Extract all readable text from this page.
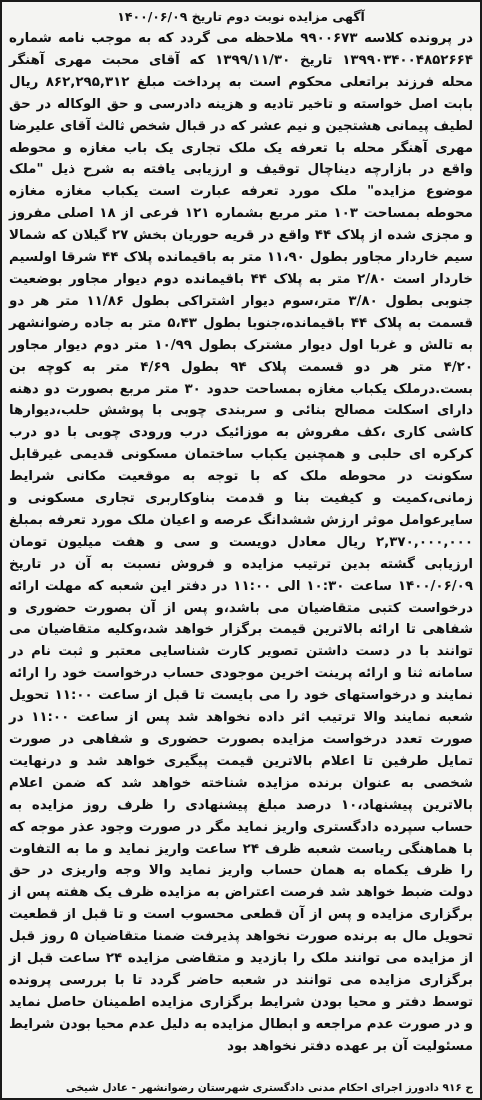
آگهی مزایده نوبت دوم تاریخ ۱۴۰۰/۰۶/۰۹

در پرونده کلاسه ۹۹۰۰۶۷۳ ملاحظه می گردد که به موجب نامه شماره ۱۳۹۹۰۳۴۰۰۴۸۵۲۶۶۴ تاریخ ۱۳۹۹/۱۱/۳۰ که آقای محبت مهری آهنگر محله فرزند براتعلی محکوم است به پرداخت مبلغ ۸۶۲,۲۹۵,۳۱۲ ریال بابت اصل خواسته و تاخیر تادیه و هزینه دادرسی و حق الوکاله در حق لطیف پیمانی هشتجین و نیم عشر که در قبال شخص ثالث آقای علیرضا مهری آهنگر محله با تعرفه یک ملک تجاری یک باب مغازه و محوطه واقع در بازارچه دیناچال توقیف و ارزیابی یافته به شرح ذیل "ملک موضوع مزایده" ملک مورد تعرفه عبارت است یکباب مغازه مغازه محوطه بمساحت ۱۰۳ متر مربع بشماره ۱۲۱ فرعی از ۱۸ اصلی مفروز و مجزی شده از پلاک ۴۴ واقع در قریه حوریان بخش ۲۷ گیلان که شمالا سیم خاردار مجاور بطول ۱۱،۹۰ متر به باقیمانده پلاک ۴۴ شرقا اولسیم خاردار است ۲/۸۰ متر به پلاک ۴۴ باقیمانده دوم دیوار مجاور بوضعیت جنوبی بطول ۳/۸۰ متر،سوم دیوار اشتراکی بطول ۱۱/۸۶ متر هر دو قسمت به پلاک ۴۴ باقیمانده،جنوبا بطول ۵،۴۳ متر به جاده رضوانشهر به تالش و غربا اول دیوار مشترک بطول ۱۰/۹۹ متر دوم دیوار مجاور ۴/۲۰ متر هر دو قسمت پلاک ۹۴ بطول ۴/۶۹ متر به کوچه بن بست.درملک یکباب مغازه بمساحت حدود ۳۰ متر مربع بصورت دو دهنه دارای اسکلت مصالح بنائی و سربندی چوبی با پوشش حلب،دیوارها کاشی کاری ،کف مفروش به موزائیک درب ورودی چوبی با دو درب کرکره ای حلبی و همچنین یکباب ساختمان مسکونی قدیمی غیرقابل سکونت در محوطه ملک که با توجه به موقعیت مکانی شرایط زمانی،کمیت و کیفیت بنا و قدمت بناوکاربری تجاری مسکونی و سایرعوامل موثر ارزش ششدانگ عرصه و اعیان ملک مورد تعرفه بمبلغ ۲,۳۷۰,۰۰۰,۰۰۰ ریال معادل دویست و سی و هفت میلیون تومان ارزیابی گشته بدین ترتیب مزایده و فروش نسبت به آن در تاریخ ۱۴۰۰/۰۶/۰۹ ساعت ۱۰:۳۰ الی ۱۱:۰۰ در دفتر این شعبه که مهلت ارائه درخواست کتبی متقاضیان می باشد،و پس از آن بصورت حضوری و شفاهی تا ارائه بالاترین قیمت برگزار خواهد شد،وکلیه متقاضیان می توانند با در دست داشتن تصویر کارت شناسایی معتبر و ثبت نام در سامانه ثنا و ارائه پرینت اخرین موجودی حساب درخواست خود را ارائه نمایند و درخواستهای خود را می بایست تا قبل از ساعت ۱۱:۰۰ تحویل شعبه نمایند والا ترتیب اثر داده نخواهد شد پس از ساعت ۱۱:۰۰ در صورت تعدد درخواست مزایده بصورت حضوری و شفاهی در صورت تمایل طرفین تا اعلام بالاترین قیمت پیگیری خواهد شد و درنهایت شخصی به عنوان برنده مزایده شناخته خواهد شد که ضمن اعلام بالاترین پیشنهاد،۱۰ درصد مبلغ پیشنهادی را ظرف روز مزایده به حساب سپرده دادگستری واریز نماید مگر در صورت وجود عذر موجه که با هماهنگی ریاست شعبه ظرف ۲۴ ساعت واریز نماید و ما به التفاوت را ظرف یکماه به همان حساب واریز نماید والا وجه واریزی در حق دولت ضبط خواهد شد فرصت اعتراض به مزایده ظرف یک هفته پس از برگزاری مزایده و پس از آن قطعی محسوب است و تا قبل از قطعیت تحویل مال به برنده صورت نخواهد پذیرفت ضمنا متقاضیان ۵ روز قبل از مزایده می توانند ملک را بازدید و متقاضی مزایده ۲۴ ساعت قبل از برگزاری مزایده می توانند در شعبه حاضر گردد تا با بررسی پرونده توسط دفتر و محیا بودن شرایط برگزاری مزایده اطمینان حاصل نماید و در صورت عدم مراجعه و ابطال مزایده به دلیل عدم محیا بودن شرایط مسئولیت آن بر عهده دفتر نخواهد بود

ح ۹۱۶ دادورز اجرای احکام مدنی دادگستری شهرستان رضوانشهر - عادل شیخی
